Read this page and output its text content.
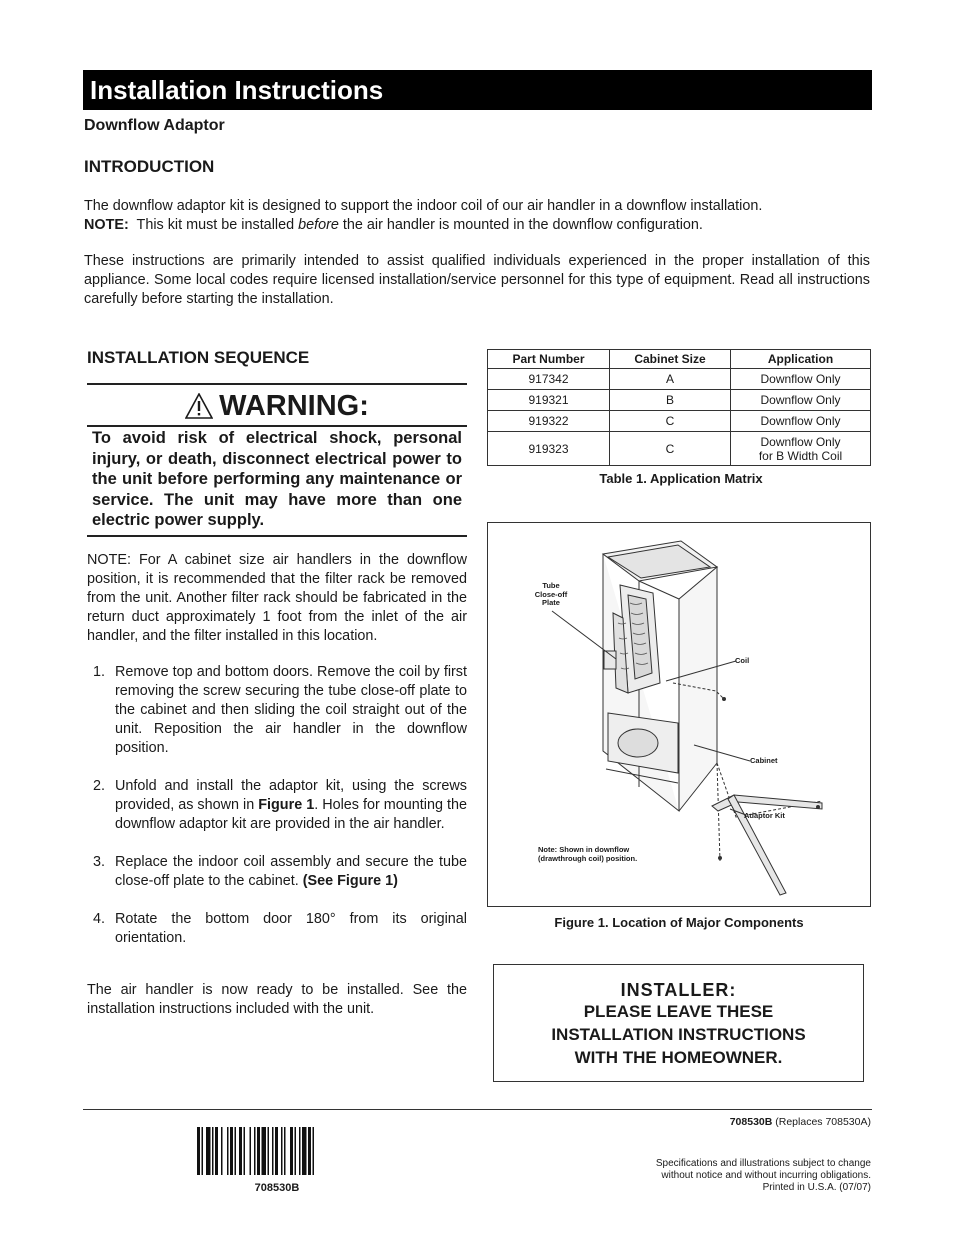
Installation Instructions
Downflow Adaptor
INTRODUCTION
The downflow adaptor kit is designed to support the indoor coil of our air handler in a downflow installation.
NOTE: This kit must be installed before the air handler is mounted in the downflow configuration.
These instructions are primarily intended to assist qualified individuals experienced in the proper installation of this appliance. Some local codes require licensed installation/service personnel for this type of equipment. Read all instructions carefully before starting the installation.
INSTALLATION SEQUENCE
WARNING:
To avoid risk of electrical shock, personal injury, or death, disconnect electrical power to the unit before performing any maintenance or service. The unit may have more than one electric power supply.
NOTE: For A cabinet size air handlers in the downflow position, it is recommended that the filter rack be removed from the unit. Another filter rack should be fabricated in the return duct approximately 1 foot from the inlet of the air handler, and the filter installed in this location.
1. Remove top and bottom doors. Remove the coil by first removing the screw securing the tube close-off plate to the cabinet and then sliding the coil straight out of the unit. Reposition the air handler in the downflow position.
2. Unfold and install the adaptor kit, using the screws provided, as shown in Figure 1. Holes for mounting the downflow adaptor kit are provided in the air handler.
3. Replace the indoor coil assembly and secure the tube close-off plate to the cabinet. (See Figure 1)
4. Rotate the bottom door 180° from its original orientation.
The air handler is now ready to be installed. See the installation instructions included with the unit.
Part Number	Cabinet Size	Application
917342	A	Downflow Only
919321	B	Downflow Only
919322	C	Downflow Only
919323	C	Downflow Only
for B Width Coil
Table 1. Application Matrix
Tube
Close-off
Plate
Coil
Cabinet
Adaptor Kit
Note: Shown in downflow
(drawthrough coil) position.
Figure 1. Location of Major Components
INSTALLER:
PLEASE LEAVE THESE INSTALLATION INSTRUCTIONS WITH THE HOMEOWNER.
708530B (Replaces 708530A)
Specifications and illustrations subject to change
without notice and without incurring obligations.
Printed in U.S.A. (07/07)
708530B
